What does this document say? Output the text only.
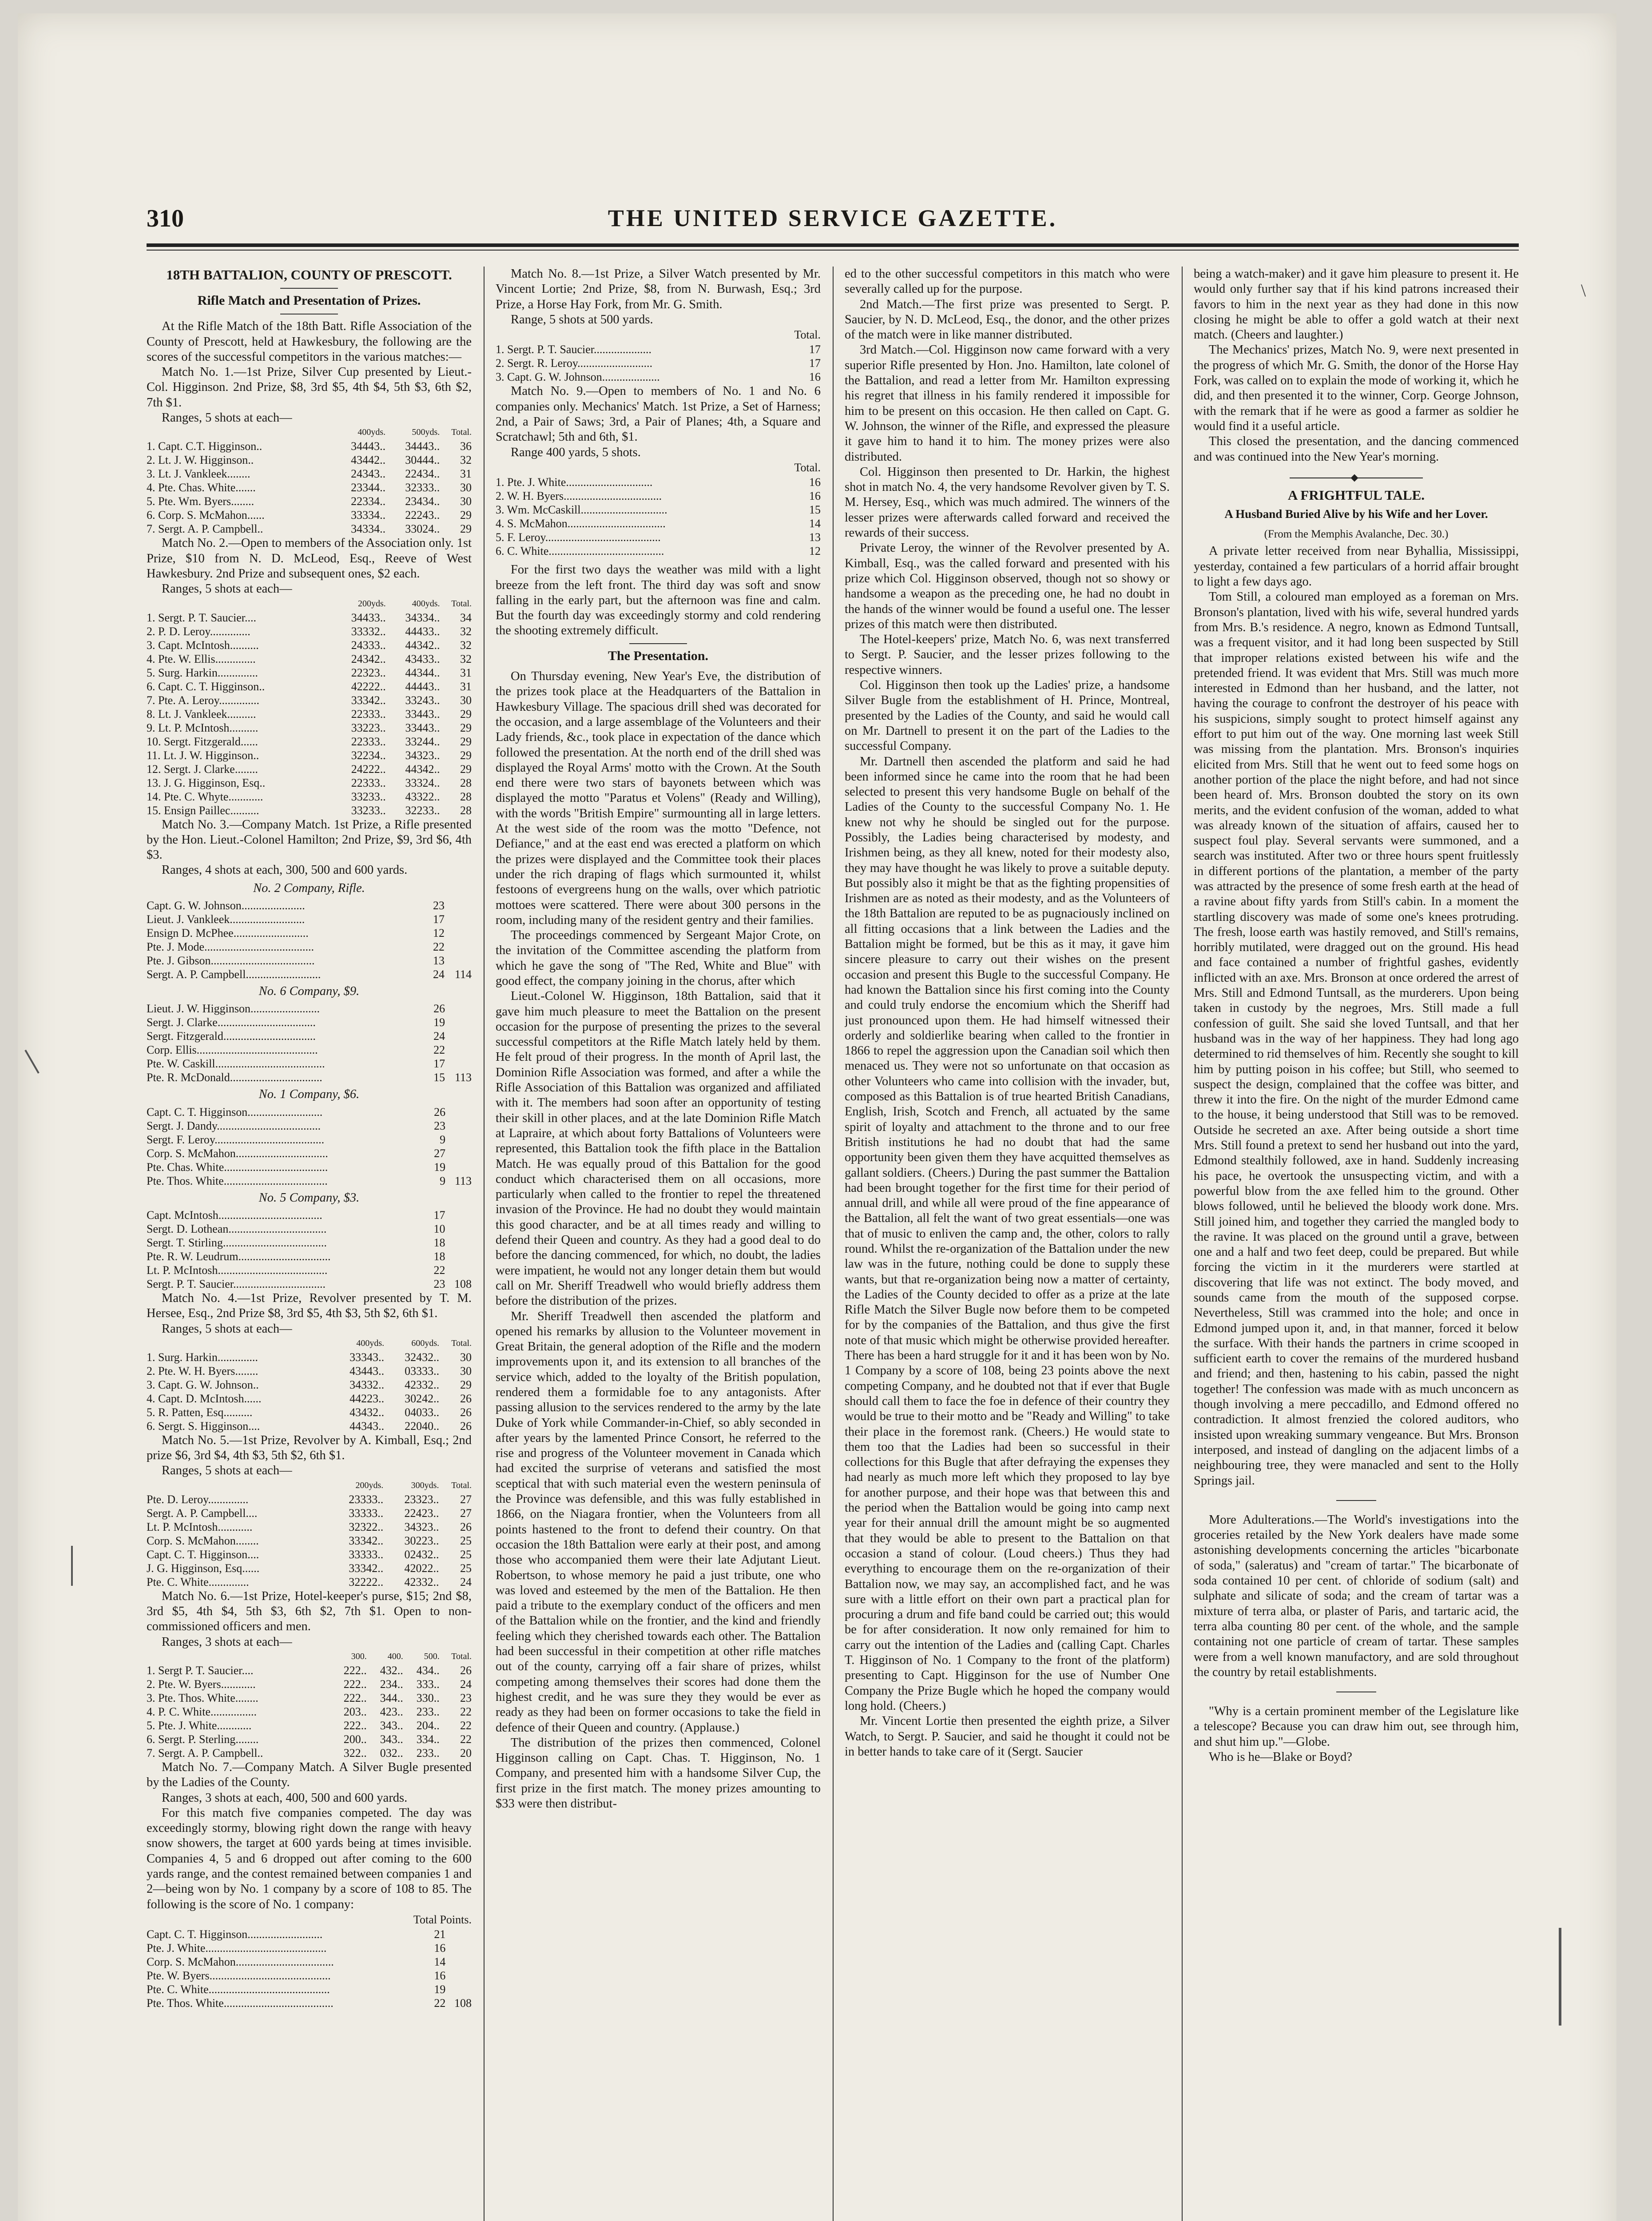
310	THE UNITED SERVICE GAZETTE.
\
18TH BATTALION, COUNTY OF PRESCOTT.
Rifle Match and Presentation of Prizes.

At the Rifle Match of the 18th Batt. Rifle Association of the County of Prescott, held at Hawkesbury, the following are the scores of the successful competitors in the various matches:—

Match No. 1.—1st Prize, Silver Cup presented by Lieut.-Col. Higginson. 2nd Prize, $8, 3rd $5, 4th $4, 5th $3, 6th $2, 7th $1.

Ranges, 5 shots at each—

	400yds.	500yds.	Total.
1. Capt. C.T. Higginson..	34443..	34443..	36
2. Lt. J. W. Higginson..	43442..	30444..	32
3. Lt. J. Vankleek........	24343..	22434..	31
4. Pte. Chas. White.......	23344..	32333..	30
5. Pte. Wm. Byers........	22334..	23434..	30
6. Corp. S. McMahon......	33334..	22243..	29
7. Sergt. A. P. Campbell..	34334..	33024..	29

Match No. 2.—Open to members of the Association only. 1st Prize, $10 from N. D. McLeod, Esq., Reeve of West Hawkesbury. 2nd Prize and subsequent ones, $2 each.

Ranges, 5 shots at each—

	200yds.	400yds.	Total.
1. Sergt. P. T. Saucier....	34433..	34334..	34
2. P. D. Leroy..............	33332..	44433..	32
3. Capt. McIntosh..........	24333..	44342..	32
4. Pte. W. Ellis..............	24342..	43433..	32
5. Surg. Harkin..............	22323..	44344..	31
6. Capt. C. T. Higginson..	42222..	44443..	31
7. Pte. A. Leroy..............	33342..	33243..	30
8. Lt. J. Vankleek..........	22333..	33443..	29
9. Lt. P. McIntosh..........	33223..	33443..	29
10. Sergt. Fitzgerald......	22333..	33244..	29
11. Lt. J. W. Higginson..	32234..	34323..	29
12. Sergt. J. Clarke........	24222..	44342..	29
13. J. G. Higginson, Esq..	22333..	33324..	28
14. Pte. C. Whyte............	33233..	43322..	28
15. Ensign Paillec..........	33233..	32233..	28

Match No. 3.—Company Match. 1st Prize, a Rifle presented by the Hon. Lieut.-Colonel Hamilton; 2nd Prize, $9, 3rd $6, 4th $3.

Ranges, 4 shots at each, 300, 500 and 600 yards.

No. 2 Company, Rifle.
Capt. G. W. Johnson......................	23	
Lieut. J. Vankleek..........................	17	
Ensign D. McPhee..........................	12	
Pte. J. Mode......................................	22	
Pte. J. Gibson....................................	13	
Sergt. A. P. Campbell..........................	24	114
No. 6 Company, $9.
Lieut. J. W. Higginson........................	26	
Sergt. J. Clarke..................................	19	
Sergt. Fitzgerald................................	24	
Corp. Ellis..........................................	22	
Pte. W. Caskill......................................	17	
Pte. R. McDonald................................	15	113
No. 1 Company, $6.
Capt. C. T. Higginson..........................	26	
Sergt. J. Dandy....................................	23	
Sergt. F. Leroy......................................	9	
Corp. S. McMahon................................	27	
Pte. Chas. White....................................	19	
Pte. Thos. White....................................	9	113
No. 5 Company, $3.
Capt. McIntosh....................................	17	
Sergt. D. Lothean..................................	10	
Sergt. T. Stirling....................................	18	
Pte. R. W. Leudrum................................	18	
Lt. P. McIntosh......................................	22	
Sergt. P. T. Saucier................................	23	108

Match No. 4.—1st Prize, Revolver presented by T. M. Hersee, Esq., 2nd Prize $8, 3rd $5, 4th $3, 5th $2, 6th $1.

Ranges, 5 shots at each—

	400yds.	600yds.	Total.
1. Surg. Harkin..............	33343..	32432..	30
2. Pte. W. H. Byers........	43443..	03333..	30
3. Capt. G. W. Johnson..	34332..	42332..	29
4. Capt. D. McIntosh......	44223..	30242..	26
5. R. Patten, Esq..........	43432..	04033..	26
6. Sergt. S. Higginson....	44343..	22040..	26

Match No. 5.—1st Prize, Revolver by A. Kimball, Esq.; 2nd prize $6, 3rd $4, 4th $3, 5th $2, 6th $1.

Ranges, 5 shots at each—

	200yds.	300yds.	Total.
Pte. D. Leroy..............	23333..	23323..	27
Sergt. A. P. Campbell....	33333..	22423..	27
Lt. P. McIntosh............	32322..	34323..	26
Corp. S. McMahon........	33342..	30223..	25
Capt. C. T. Higginson....	33333..	02432..	25
J. G. Higginson, Esq......	33342..	42022..	25
Pte. C. White..............	32222..	42332..	24

Match No. 6.—1st Prize, Hotel-keeper's purse, $15; 2nd $8, 3rd $5, 4th $4, 5th $3, 6th $2, 7th $1. Open to non-commissioned officers and men.

Ranges, 3 shots at each—

	300.	400.	500.	Total.
1. Sergt P. T. Saucier....	222..	432..	434..	26
2. Pte. W. Byers............	222..	234..	333..	24
3. Pte. Thos. White........	222..	344..	330..	23
4. P. C. White................	203..	423..	233..	22
5. Pte. J. White............	222..	343..	204..	22
6. Sergt. P. Sterling........	200..	343..	334..	22
7. Sergt. A. P. Campbell..	322..	032..	233..	20

Match No. 7.—Company Match. A Silver Bugle presented by the Ladies of the County.

Ranges, 3 shots at each, 400, 500 and 600 yards.

For this match five companies competed. The day was exceedingly stormy, blowing right down the range with heavy snow showers, the target at 600 yards being at times invisible. Companies 4, 5 and 6 dropped out after coming to the 600 yards range, and the contest remained between companies 1 and 2—being won by No. 1 company by a score of 108 to 85. The following is the score of No. 1 company:

Total Points.
Capt. C. T. Higginson..........................	21	
Pte. J. White..........................................	16	
Corp. S. McMahon..................................	14	
Pte. W. Byers..........................................	16	
Pte. C. White..........................................	19	
Pte. Thos. White......................................	22	108

Match No. 8.—1st Prize, a Silver Watch presented by Mr. Vincent Lortie; 2nd Prize, $8, from N. Burwash, Esq.; 3rd Prize, a Horse Hay Fork, from Mr. G. Smith.

Range, 5 shots at 500 yards.

Total.
1. Sergt. P. T. Saucier....................	17
2. Sergt. R. Leroy..........................	17
3. Capt. G. W. Johnson....................	16

Match No. 9.—Open to members of No. 1 and No. 6 companies only. Mechanics' Match. 1st Prize, a Set of Harness; 2nd, a Pair of Saws; 3rd, a Pair of Planes; 4th, a Square and Scratchawl; 5th and 6th, $1.

Range 400 yards, 5 shots.

Total.
1. Pte. J. White..............................	16
2. W. H. Byers..................................	16
3. Wm. McCaskill..............................	15
4. S. McMahon..................................	14
5. F. Leroy........................................	13
6. C. White........................................	12

For the first two days the weather was mild with a light breeze from the left front. The third day was soft and snow falling in the early part, but the afternoon was fine and calm. But the fourth day was exceedingly stormy and cold rendering the shooting extremely difficult.

The Presentation.

On Thursday evening, New Year's Eve, the distribution of the prizes took place at the Headquarters of the Battalion in Hawkesbury Village. The spacious drill shed was decorated for the occasion, and a large assemblage of the Volunteers and their Lady friends, &c., took place in expectation of the dance which followed the presentation. At the north end of the drill shed was displayed the Royal Arms' motto with the Crown. At the South end there were two stars of bayonets between which was displayed the motto "Paratus et Volens" (Ready and Willing), with the words "British Empire" surmounting all in large letters. At the west side of the room was the motto "Defence, not Defiance," and at the east end was erected a platform on which the prizes were displayed and the Committee took their places under the rich draping of flags which surmounted it, whilst festoons of evergreens hung on the walls, over which patriotic mottoes were scattered. There were about 300 persons in the room, including many of the resident gentry and their families.

The proceedings commenced by Sergeant Major Crote, on the invitation of the Committee ascending the platform from which he gave the song of "The Red, White and Blue" with good effect, the company joining in the chorus, after which

Lieut.-Colonel W. Higginson, 18th Battalion, said that it gave him much pleasure to meet the Battalion on the present occasion for the purpose of presenting the prizes to the several successful competitors at the Rifle Match lately held by them. He felt proud of their progress. In the month of April last, the Dominion Rifle Association was formed, and after a while the Rifle Association of this Battalion was organized and affiliated with it. The members had soon after an opportunity of testing their skill in other places, and at the late Dominion Rifle Match at Lapraire, at which about forty Battalions of Volunteers were represented, this Battalion took the fifth place in the Battalion Match. He was equally proud of this Battalion for the good conduct which characterised them on all occasions, more particularly when called to the frontier to repel the threatened invasion of the Province. He had no doubt they would maintain this good character, and be at all times ready and willing to defend their Queen and country. As they had a good deal to do before the dancing commenced, for which, no doubt, the ladies were impatient, he would not any longer detain them but would call on Mr. Sheriff Treadwell who would briefly address them before the distribution of the prizes.

Mr. Sheriff Treadwell then ascended the platform and opened his remarks by allusion to the Volunteer movement in Great Britain, the general adoption of the Rifle and the modern improvements upon it, and its extension to all branches of the service which, added to the loyalty of the British population, rendered them a formidable foe to any antagonists. After passing allusion to the services rendered to the army by the late Duke of York while Commander-in-Chief, so ably seconded in after years by the lamented Prince Consort, he referred to the rise and progress of the Volunteer movement in Canada which had excited the surprise of veterans and satisfied the most sceptical that with such material even the western peninsula of the Province was defensible, and this was fully established in 1866, on the Niagara frontier, when the Volunteers from all points hastened to the front to defend their country. On that occasion the 18th Battalion were early at their post, and among those who accompanied them were their late Adjutant Lieut. Robertson, to whose memory he paid a just tribute, one who was loved and esteemed by the men of the Battalion. He then paid a tribute to the exemplary conduct of the officers and men of the Battalion while on the frontier, and the kind and friendly feeling which they cherished towards each other. The Battalion had been successful in their competition at other rifle matches out of the county, carrying off a fair share of prizes, whilst competing among themselves their scores had done them the highest credit, and he was sure they they would be ever as ready as they had been on former occasions to take the field in defence of their Queen and country. (Applause.)

The distribution of the prizes then commenced, Colonel Higginson calling on Capt. Chas. T. Higginson, No. 1 Company, and presented him with a handsome Silver Cup, the first prize in the first match. The money prizes amounting to $33 were then distribut-

ed to the other successful competitors in this match who were severally called up for the purpose.

2nd Match.—The first prize was presented to Sergt. P. Saucier, by N. D. McLeod, Esq., the donor, and the other prizes of the match were in like manner distributed.

3rd Match.—Col. Higginson now came forward with a very superior Rifle presented by Hon. Jno. Hamilton, late colonel of the Battalion, and read a letter from Mr. Hamilton expressing his regret that illness in his family rendered it impossible for him to be present on this occasion. He then called on Capt. G. W. Johnson, the winner of the Rifle, and expressed the pleasure it gave him to hand it to him. The money prizes were also distributed.

Col. Higginson then presented to Dr. Harkin, the highest shot in match No. 4, the very handsome Revolver given by T. S. M. Hersey, Esq., which was much admired. The winners of the lesser prizes were afterwards called forward and received the rewards of their success.

Private Leroy, the winner of the Revolver presented by A. Kimball, Esq., was the called forward and presented with his prize which Col. Higginson observed, though not so showy or handsome a weapon as the preceding one, he had no doubt in the hands of the winner would be found a useful one. The lesser prizes of this match were then distributed.

The Hotel-keepers' prize, Match No. 6, was next transferred to Sergt. P. Saucier, and the lesser prizes following to the respective winners.

Col. Higginson then took up the Ladies' prize, a handsome Silver Bugle from the establishment of H. Prince, Montreal, presented by the Ladies of the County, and said he would call on Mr. Dartnell to present it on the part of the Ladies to the successful Company.

Mr. Dartnell then ascended the platform and said he had been informed since he came into the room that he had been selected to present this very handsome Bugle on behalf of the Ladies of the County to the successful Company No. 1. He knew not why he should be singled out for the purpose. Possibly, the Ladies being characterised by modesty, and Irishmen being, as they all knew, noted for their modesty also, they may have thought he was likely to prove a suitable deputy. But possibly also it might be that as the fighting propensities of Irishmen are as noted as their modesty, and as the Volunteers of the 18th Battalion are reputed to be as pugnaciously inclined on all fitting occasions that a link between the Ladies and the Battalion might be formed, but be this as it may, it gave him sincere pleasure to carry out their wishes on the present occasion and present this Bugle to the successful Company. He had known the Battalion since his first coming into the County and could truly endorse the encomium which the Sheriff had just pronounced upon them. He had himself witnessed their orderly and soldierlike bearing when called to the frontier in 1866 to repel the aggression upon the Canadian soil which then menaced us. They were not so unfortunate on that occasion as other Volunteers who came into collision with the invader, but, composed as this Battalion is of true hearted British Canadians, English, Irish, Scotch and French, all actuated by the same spirit of loyalty and attachment to the throne and to our free British institutions he had no doubt that had the same opportunity been given them they have acquitted themselves as gallant soldiers. (Cheers.) During the past summer the Battalion had been brought together for the first time for their period of annual drill, and while all were proud of the fine appearance of the Battalion, all felt the want of two great essentials—one was that of music to enliven the camp and, the other, colors to rally round. Whilst the re-organization of the Battalion under the new law was in the future, nothing could be done to supply these wants, but that re-organization being now a matter of certainty, the Ladies of the County decided to offer as a prize at the late Rifle Match the Silver Bugle now before them to be competed for by the companies of the Battalion, and thus give the first note of that music which might be otherwise provided hereafter. There has been a hard struggle for it and it has been won by No. 1 Company by a score of 108, being 23 points above the next competing Company, and he doubted not that if ever that Bugle should call them to face the foe in defence of their country they would be true to their motto and be "Ready and Willing" to take their place in the foremost rank. (Cheers.) He would state to them too that the Ladies had been so successful in their collections for this Bugle that after defraying the expenses they had nearly as much more left which they proposed to lay bye for another purpose, and their hope was that between this and the period when the Battalion would be going into camp next year for their annual drill the amount might be so augmented that they would be able to present to the Battalion on that occasion a stand of colour. (Loud cheers.) Thus they had everything to encourage them on the re-organization of their Battalion now, we may say, an accomplished fact, and he was sure with a little effort on their own part a practical plan for procuring a drum and fife band could be carried out; this would be for after consideration. It now only remained for him to carry out the intention of the Ladies and (calling Capt. Charles T. Higginson of No. 1 Company to the front of the platform) presenting to Capt. Higginson for the use of Number One Company the Prize Bugle which he hoped the company would long hold. (Cheers.)

Mr. Vincent Lortie then presented the eighth prize, a Silver Watch, to Sergt. P. Saucier, and said he thought it could not be in better hands to take care of it (Sergt. Saucier

being a watch-maker) and it gave him pleasure to present it. He would only further say that if his kind patrons increased their favors to him in the next year as they had done in this now closing he might be able to offer a gold watch at their next match. (Cheers and laughter.)

The Mechanics' prizes, Match No. 9, were next presented in the progress of which Mr. G. Smith, the donor of the Horse Hay Fork, was called on to explain the mode of working it, which he did, and then presented it to the winner, Corp. George Johnson, with the remark that if he were as good a farmer as soldier he would find it a useful article.

This closed the presentation, and the dancing commenced and was continued into the New Year's morning.

A FRIGHTFUL TALE.
A Husband Buried Alive by his Wife and her Lover.
(From the Memphis Avalanche, Dec. 30.)

A private letter received from near Byhallia, Mississippi, yesterday, contained a few particulars of a horrid affair brought to light a few days ago.

Tom Still, a coloured man employed as a foreman on Mrs. Bronson's plantation, lived with his wife, several hundred yards from Mrs. B.'s residence. A negro, known as Edmond Tuntsall, was a frequent visitor, and it had long been suspected by Still that improper relations existed between his wife and the pretended friend. It was evident that Mrs. Still was much more interested in Edmond than her husband, and the latter, not having the courage to confront the destroyer of his peace with his suspicions, simply sought to protect himself against any effort to put him out of the way. One morning last week Still was missing from the plantation. Mrs. Bronson's inquiries elicited from Mrs. Still that he went out to feed some hogs on another portion of the place the night before, and had not since been heard of. Mrs. Bronson doubted the story on its own merits, and the evident confusion of the woman, added to what was already known of the situation of affairs, caused her to suspect foul play. Several servants were summoned, and a search was instituted. After two or three hours spent fruitlessly in different portions of the plantation, a member of the party was attracted by the presence of some fresh earth at the head of a ravine about fifty yards from Still's cabin. In a moment the startling discovery was made of some one's knees protruding. The fresh, loose earth was hastily removed, and Still's remains, horribly mutilated, were dragged out on the ground. His head and face contained a number of frightful gashes, evidently inflicted with an axe. Mrs. Bronson at once ordered the arrest of Mrs. Still and Edmond Tuntsall, as the murderers. Upon being taken in custody by the negroes, Mrs. Still made a full confession of guilt. She said she loved Tuntsall, and that her husband was in the way of her happiness. They had long ago determined to rid themselves of him. Recently she sought to kill him by putting poison in his coffee; but Still, who seemed to suspect the design, complained that the coffee was bitter, and threw it into the fire. On the night of the murder Edmond came to the house, it being understood that Still was to be removed. Outside he secreted an axe. After being outside a short time Mrs. Still found a pretext to send her husband out into the yard, Edmond stealthily followed, axe in hand. Suddenly increasing his pace, he overtook the unsuspecting victim, and with a powerful blow from the axe felled him to the ground. Other blows followed, until he believed the bloody work done. Mrs. Still joined him, and together they carried the mangled body to the ravine. It was placed on the ground until a grave, between one and a half and two feet deep, could be prepared. But while forcing the victim in it the murderers were startled at discovering that life was not extinct. The body moved, and sounds came from the mouth of the supposed corpse. Nevertheless, Still was crammed into the hole; and once in Edmond jumped upon it, and, in that manner, forced it below the surface. With their hands the partners in crime scooped in sufficient earth to cover the remains of the murdered husband and friend; and then, hastening to his cabin, passed the night together! The confession was made with as much unconcern as though involving a mere peccadillo, and Edmond offered no contradiction. It almost frenzied the colored auditors, who insisted upon wreaking summary vengeance. But Mrs. Bronson interposed, and instead of dangling on the adjacent limbs of a neighbouring tree, they were manacled and sent to the Holly Springs jail.

More Adulterations.—The World's investigations into the groceries retailed by the New York dealers have made some astonishing developments concerning the articles "bicarbonate of soda," (saleratus) and "cream of tartar." The bicarbonate of soda contained 10 per cent. of chloride of sodium (salt) and sulphate and silicate of soda; and the cream of tartar was a mixture of terra alba, or plaster of Paris, and tartaric acid, the terra alba counting 80 per cent. of the whole, and the sample containing not one particle of cream of tartar. These samples were from a well known manufactory, and are sold throughout the country by retail establishments.

"Why is a certain prominent member of the Legislature like a telescope? Because you can draw him out, see through him, and shut him up."—Globe.

Who is he—Blake or Boyd?
